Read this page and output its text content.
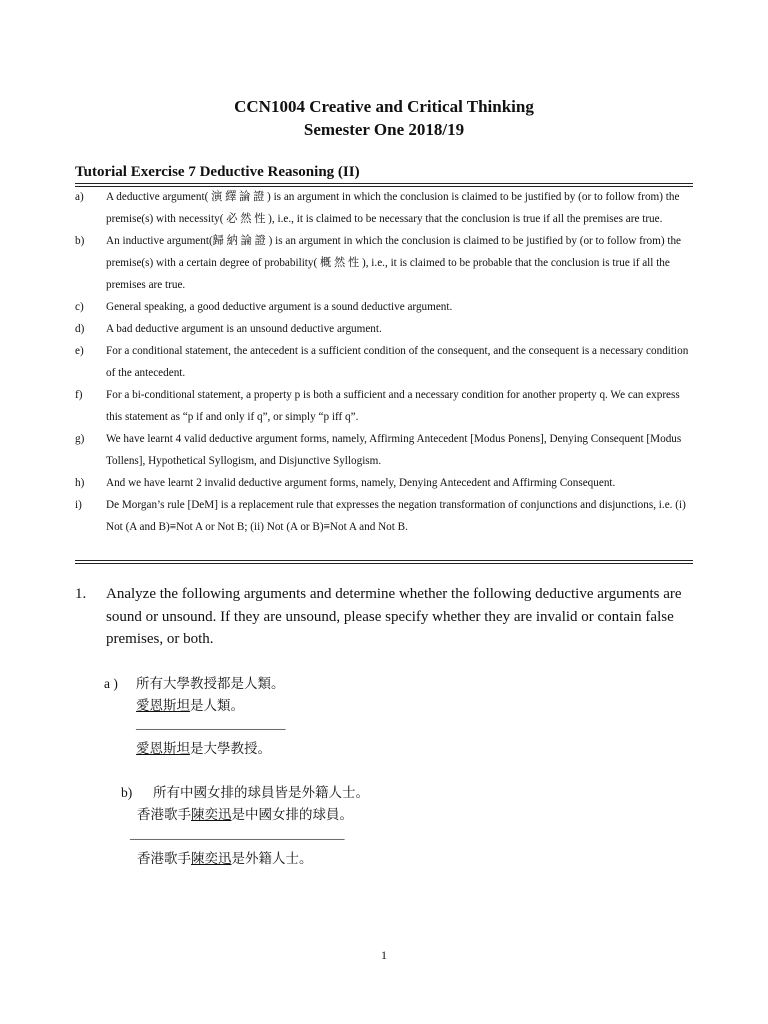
CCN1004 Creative and Critical Thinking
Semester One 2018/19
Tutorial Exercise 7 Deductive Reasoning (II)
a) A deductive argument( 演 繹 論 證 ) is an argument in which the conclusion is claimed to be justified by (or to follow from) the premise(s) with necessity( 必 然 性 ), i.e., it is claimed to be necessary that the conclusion is true if all the premises are true.
b) An inductive argument(歸 納 論 證 ) is an argument in which the conclusion is claimed to be justified by (or to follow from) the premise(s) with a certain degree of probability( 概 然 性 ), i.e., it is claimed to be probable that the conclusion is true if all the premises are true.
c) General speaking, a good deductive argument is a sound deductive argument.
d) A bad deductive argument is an unsound deductive argument.
e) For a conditional statement, the antecedent is a sufficient condition of the consequent, and the consequent is a necessary condition of the antecedent.
f) For a bi-conditional statement, a property p is both a sufficient and a necessary condition for another property q. We can express this statement as “p if and only if q”, or simply “p iff q”.
g) We have learnt 4 valid deductive argument forms, namely, Affirming Antecedent [Modus Ponens], Denying Consequent [Modus Tollens], Hypothetical Syllogism, and Disjunctive Syllogism.
h) And we have learnt 2 invalid deductive argument forms, namely, Denying Antecedent and Affirming Consequent.
i) De Morgan’s rule [DeM] is a replacement rule that expresses the negation transformation of conjunctions and disjunctions, i.e. (i) Not (A and B)≡Not A or Not B; (ii) Not (A or B)≡Not A and Not B.
1. Analyze the following arguments and determine whether the following deductive arguments are sound or unsound. If they are unsound, please specify whether they are invalid or contain false premises, or both.
a ) 所有大學教授都是人類。
愛恩斯坦是人類。
_______________________
愛恩斯坦是大學教授。
b) 所有中國女排的球員皆是外籍人士。
香港歌手陳奕迅是中國女排的球員。
_________________________________
香港歌手陳奕迅是外籍人士。
1
